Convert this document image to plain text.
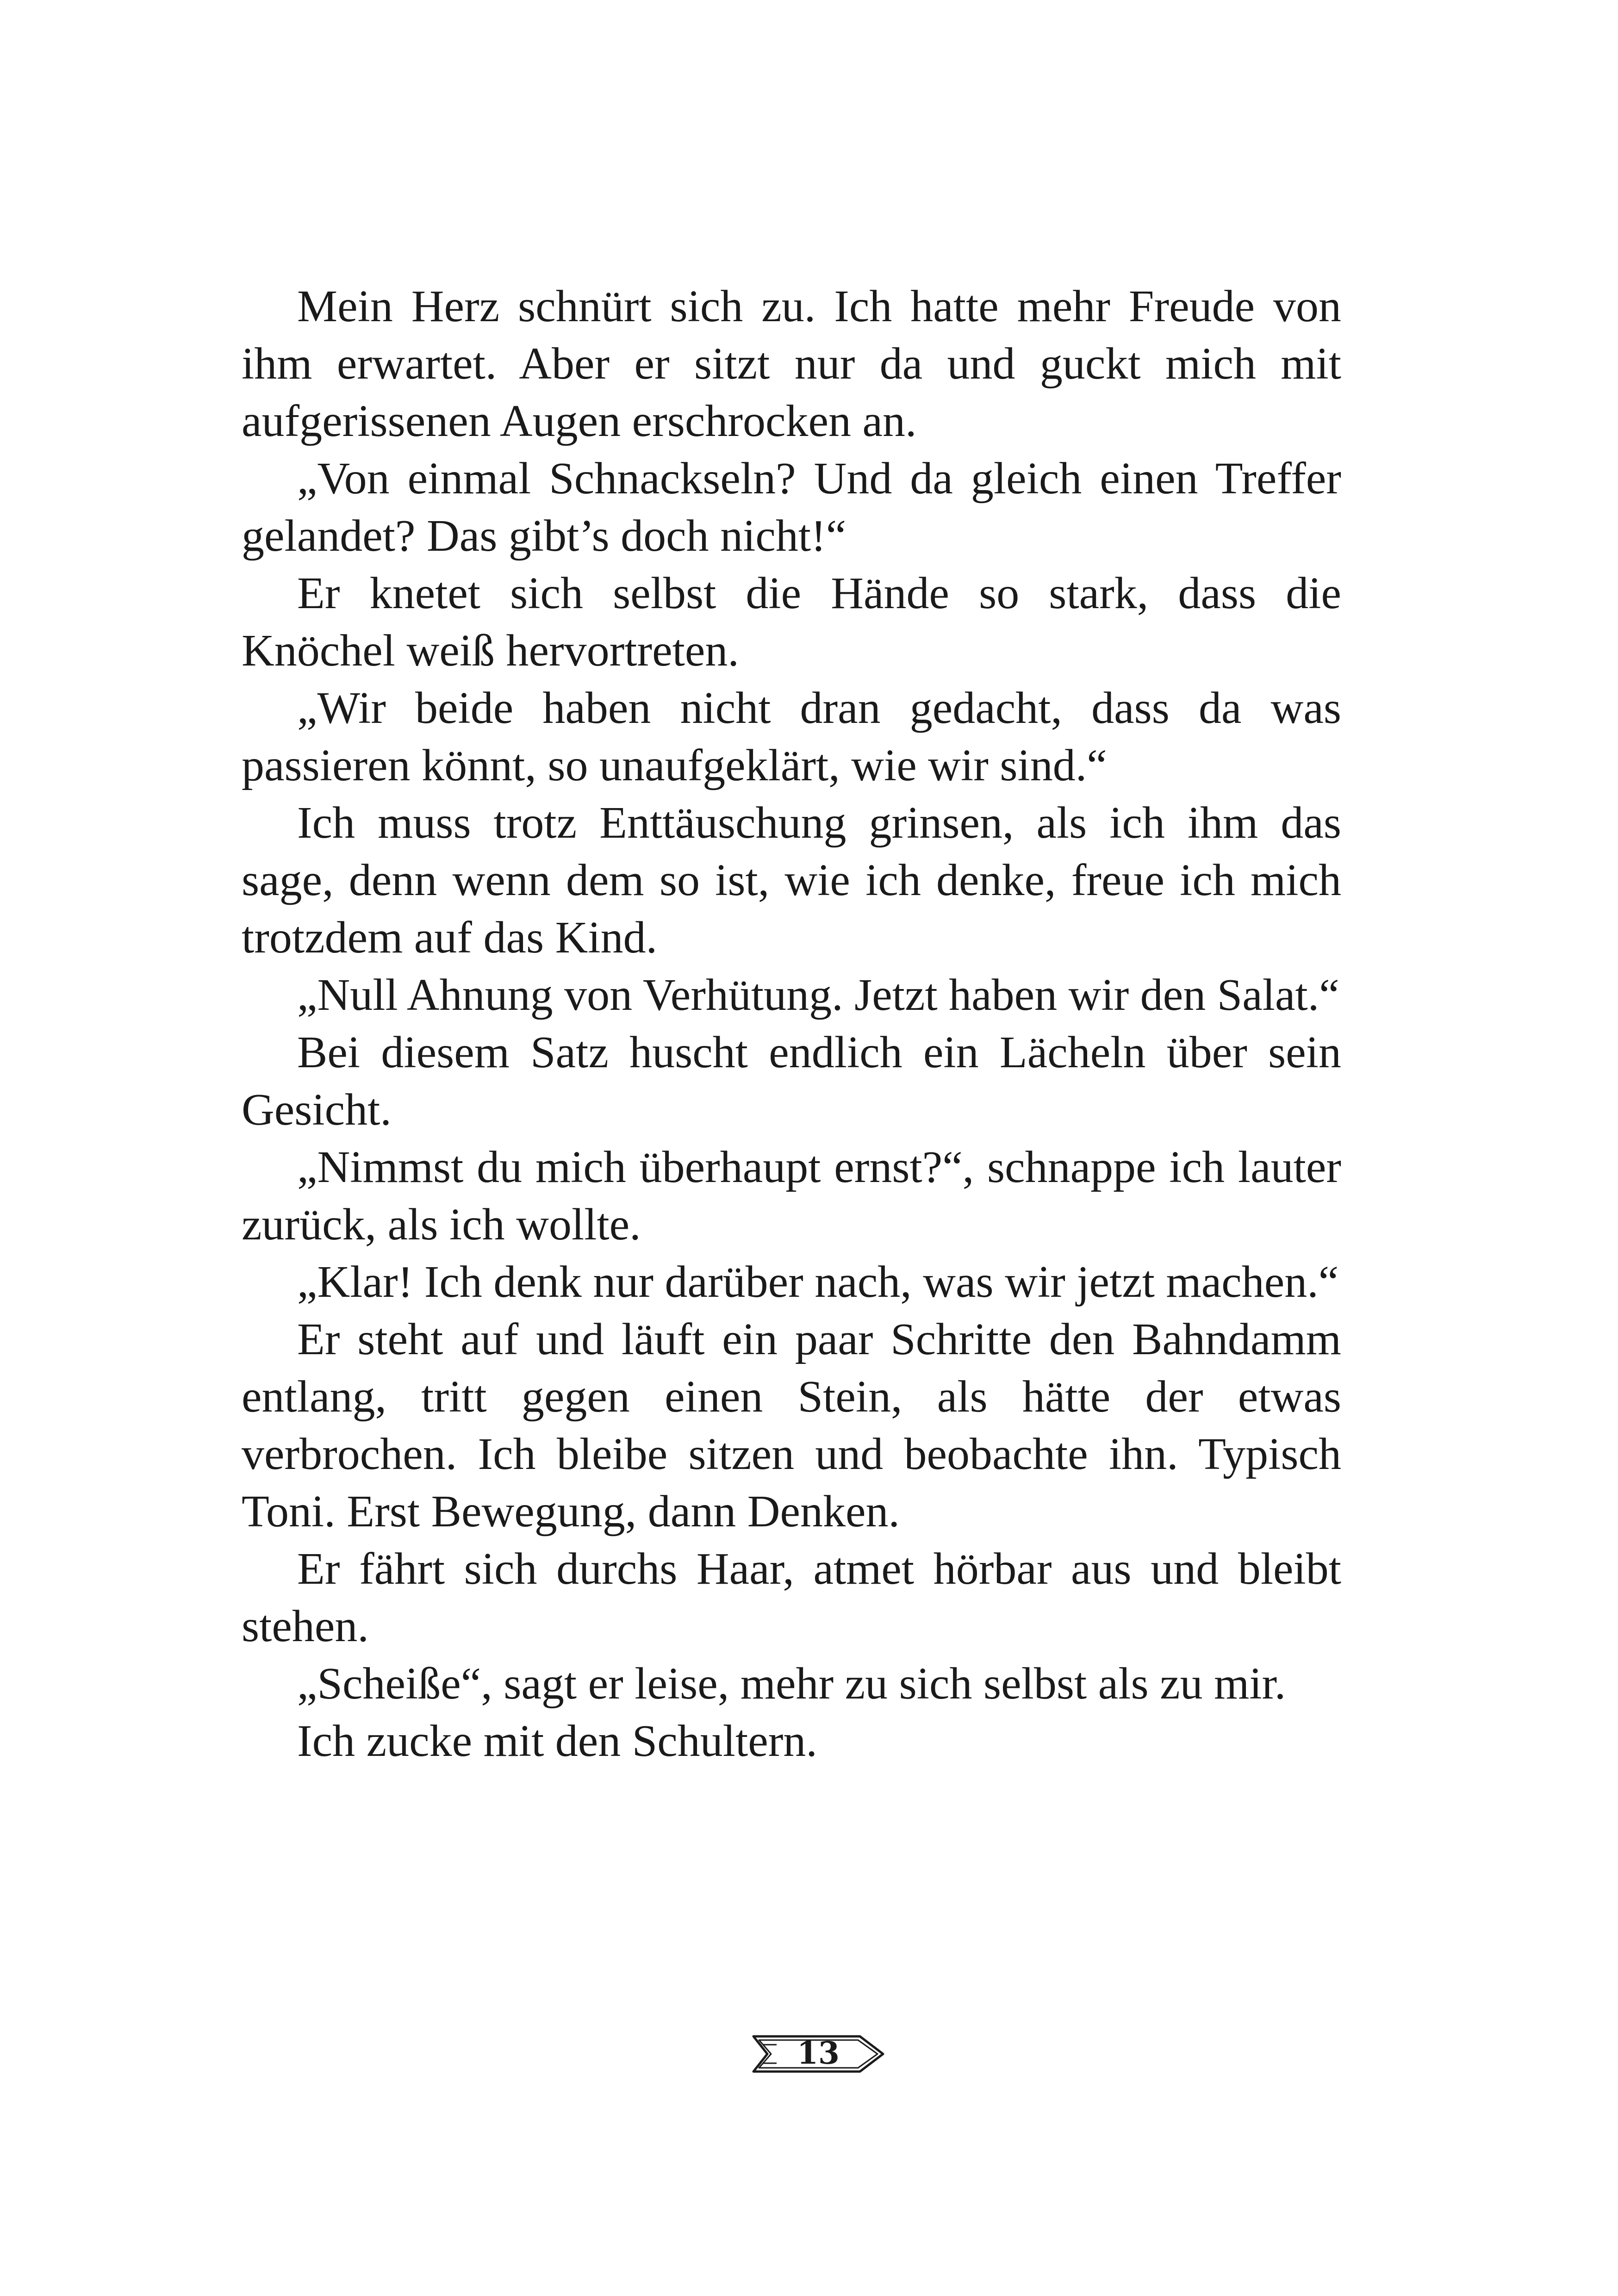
Mein Herz schnürt sich zu. Ich hatte mehr Freude von ihm erwartet. Aber er sitzt nur da und guckt mich mit aufgerissenen Augen erschrocken an.

„Von einmal Schnackseln? Und da gleich einen Treffer gelandet? Das gibt’s doch nicht!“

Er knetet sich selbst die Hände so stark, dass die Knöchel weiß hervortreten.

„Wir beide haben nicht dran gedacht, dass da was passieren könnt, so unaufgeklärt, wie wir sind.“

Ich muss trotz Enttäuschung grinsen, als ich ihm das sage, denn wenn dem so ist, wie ich denke, freue ich mich trotzdem auf das Kind.

„Null Ahnung von Verhütung. Jetzt haben wir den Salat.“

Bei diesem Satz huscht endlich ein Lächeln über sein Gesicht.

„Nimmst du mich überhaupt ernst?“, schnappe ich lauter zurück, als ich wollte.

„Klar! Ich denk nur darüber nach, was wir jetzt machen.“

Er steht auf und läuft ein paar Schritte den Bahndamm entlang, tritt gegen einen Stein, als hätte der etwas verbrochen. Ich bleibe sitzen und beobachte ihn. Typisch Toni. Erst Bewegung, dann Denken.

Er fährt sich durchs Haar, atmet hörbar aus und bleibt stehen.

„Scheiße“, sagt er leise, mehr zu sich selbst als zu mir.

Ich zucke mit den Schultern.

13
